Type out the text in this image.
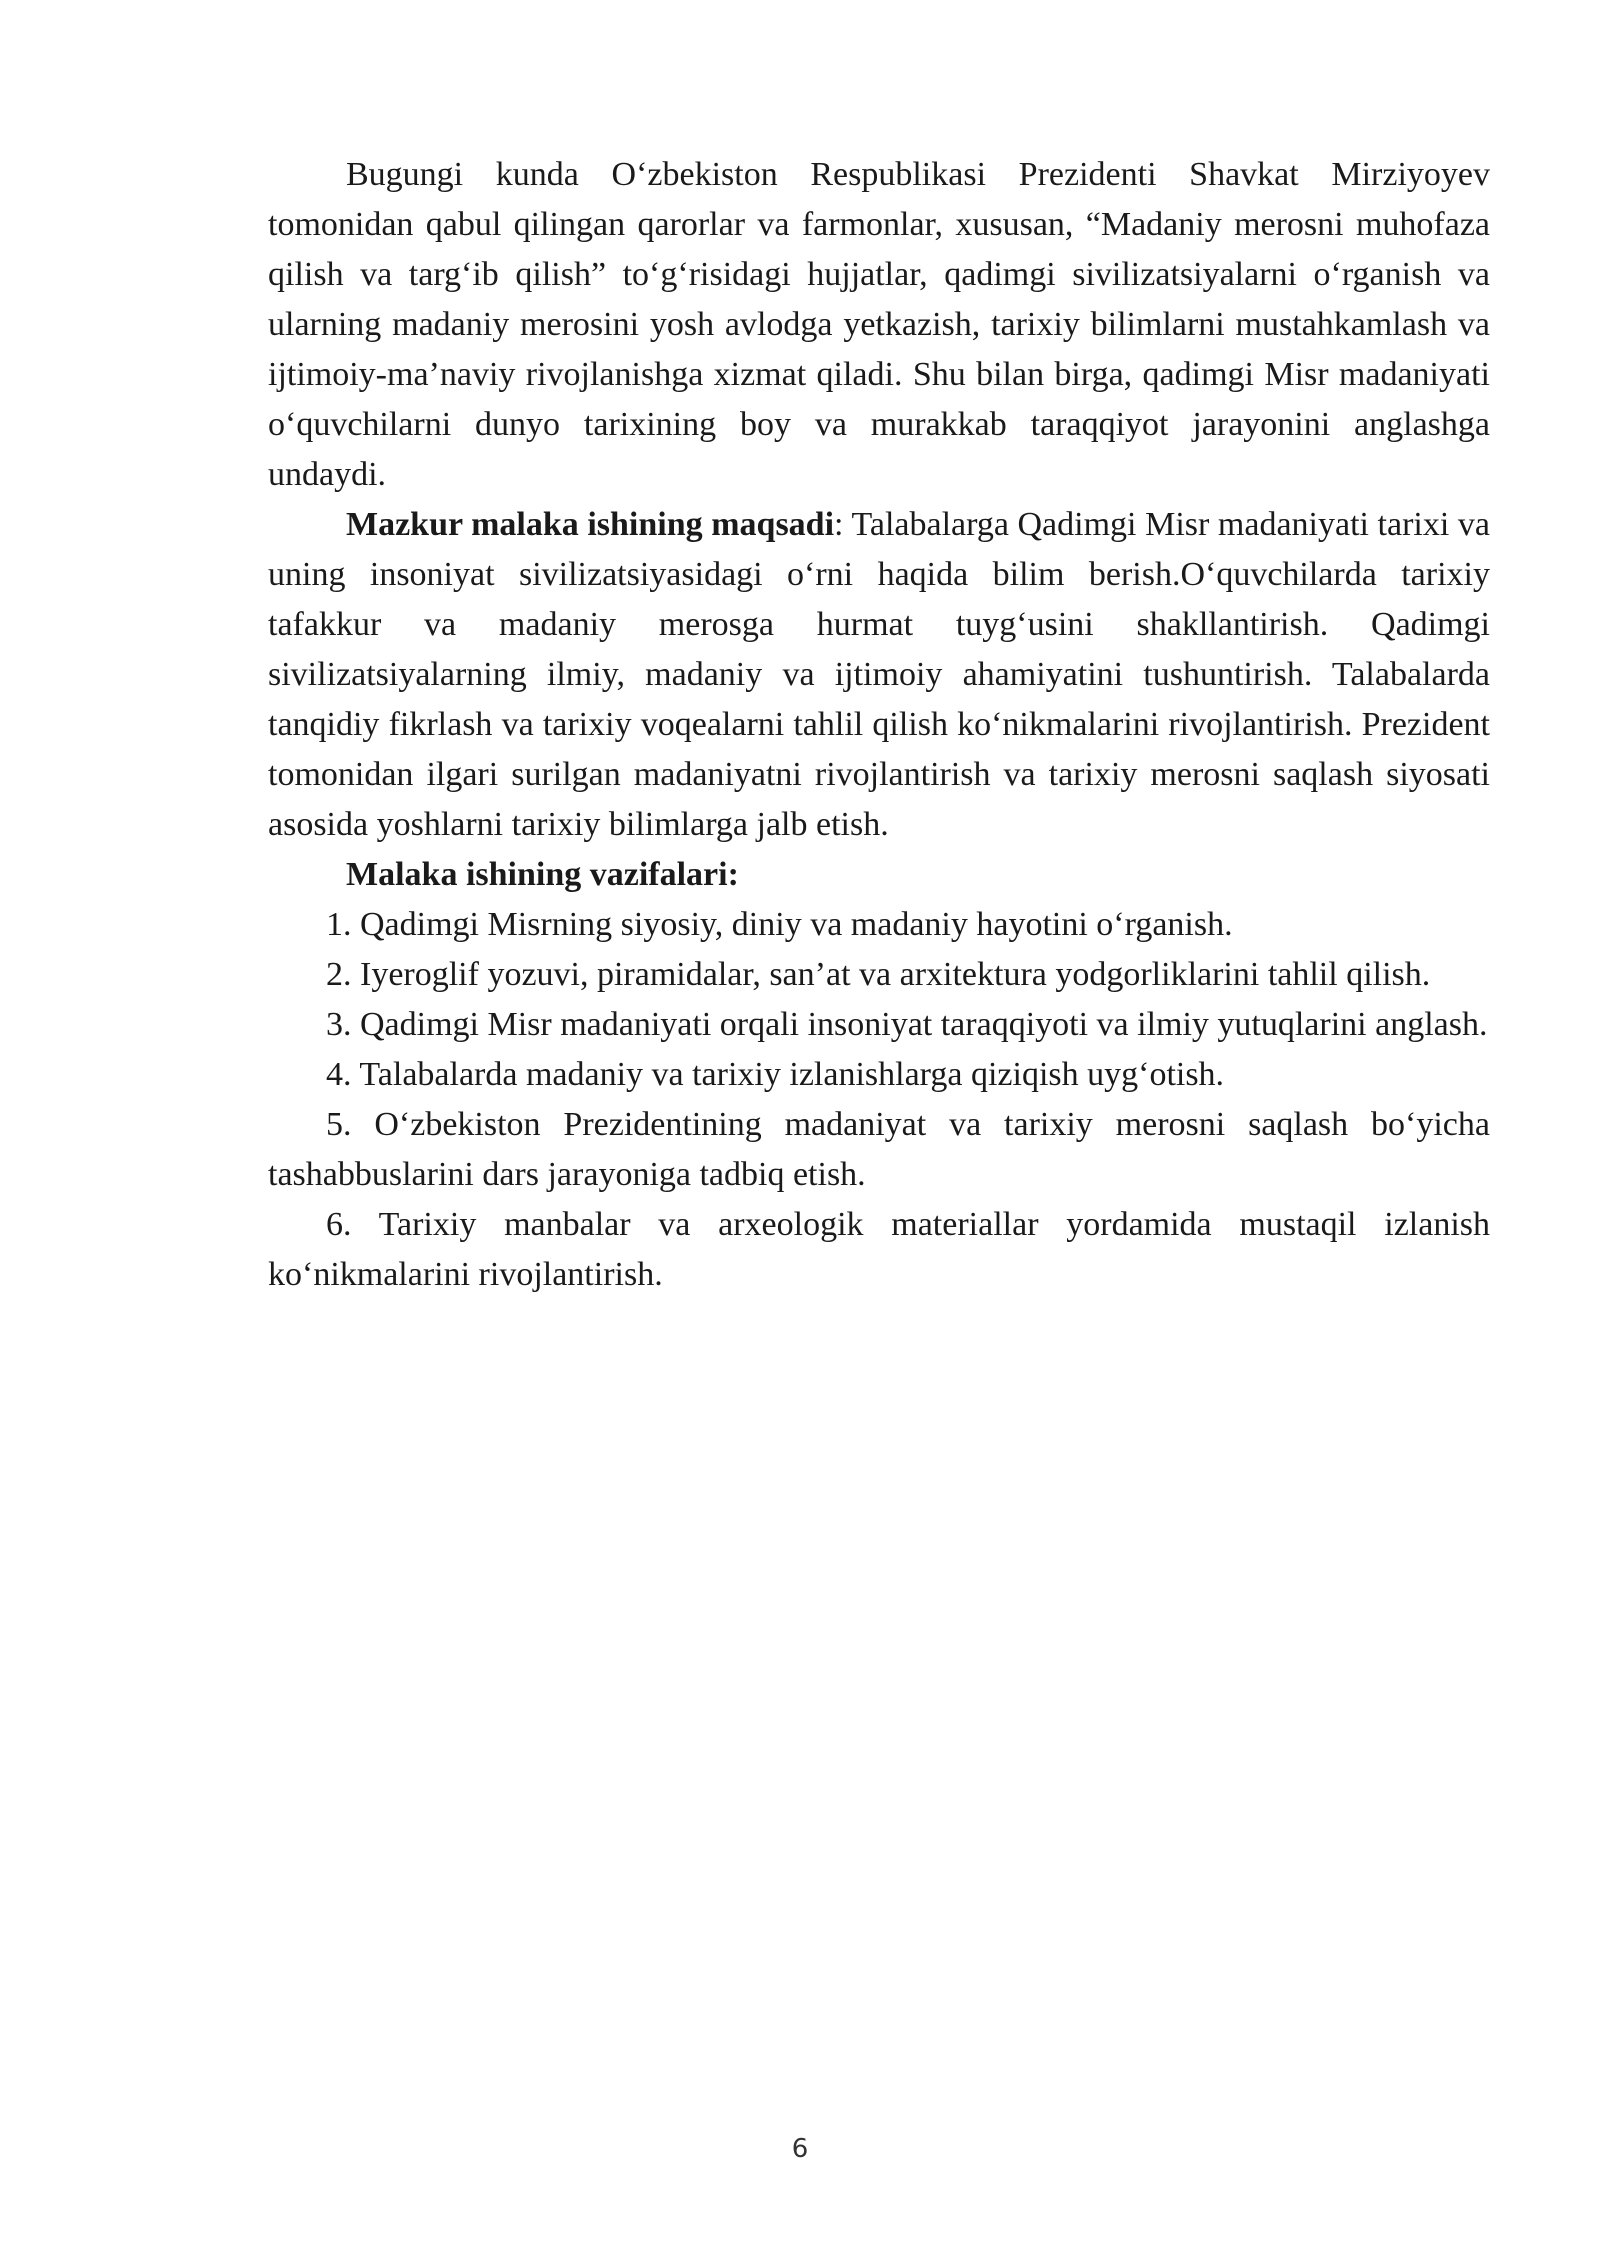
Bugungi kunda O‘zbekiston Respublikasi Prezidenti Shavkat Mirziyoyev tomonidan qabul qilingan qarorlar va farmonlar, xususan, “Madaniy merosni muhofaza qilish va targ‘ib qilish” to‘g‘risidagi hujjatlar, qadimgi sivilizatsiyalarni o‘rganish va ularning madaniy merosini yosh avlodga yetkazish, tarixiy bilimlarni mustahkamlash va ijtimoiy-ma’naviy rivojlanishga xizmat qiladi. Shu bilan birga, qadimgi Misr madaniyati o‘quvchilarni dunyo tarixining boy va murakkab taraqqiyot jarayonini anglashga undaydi.

Mazkur malaka ishining maqsadi: Talabalarga Qadimgi Misr madaniyati tarixi va uning insoniyat sivilizatsiyasidagi o‘rni haqida bilim berish.O‘quvchilarda tarixiy tafakkur va madaniy merosga hurmat tuyg‘usini shakllantirish. Qadimgi sivilizatsiyalarning ilmiy, madaniy va ijtimoiy ahamiyatini tushuntirish. Talabalarda tanqidiy fikrlash va tarixiy voqealarni tahlil qilish ko‘nikmalarini rivojlantirish. Prezident tomonidan ilgari surilgan madaniyatni rivojlantirish va tarixiy merosni saqlash siyosati asosida yoshlarni tarixiy bilimlarga jalb etish.

Malaka ishining vazifalari:

1. Qadimgi Misrning siyosiy, diniy va madaniy hayotini o‘rganish.

2. Iyeroglif yozuvi, piramidalar, san’at va arxitektura yodgorliklarini tahlil qilish.

3. Qadimgi Misr madaniyati orqali insoniyat taraqqiyoti va ilmiy yutuqlarini anglash.

4. Talabalarda madaniy va tarixiy izlanishlarga qiziqish uyg‘otish.

5. O‘zbekiston Prezidentining madaniyat va tarixiy merosni saqlash bo‘yicha tashabbuslarini dars jarayoniga tadbiq etish.

6. Tarixiy manbalar va arxeologik materiallar yordamida mustaqil izlanish ko‘nikmalarini rivojlantirish.

6
